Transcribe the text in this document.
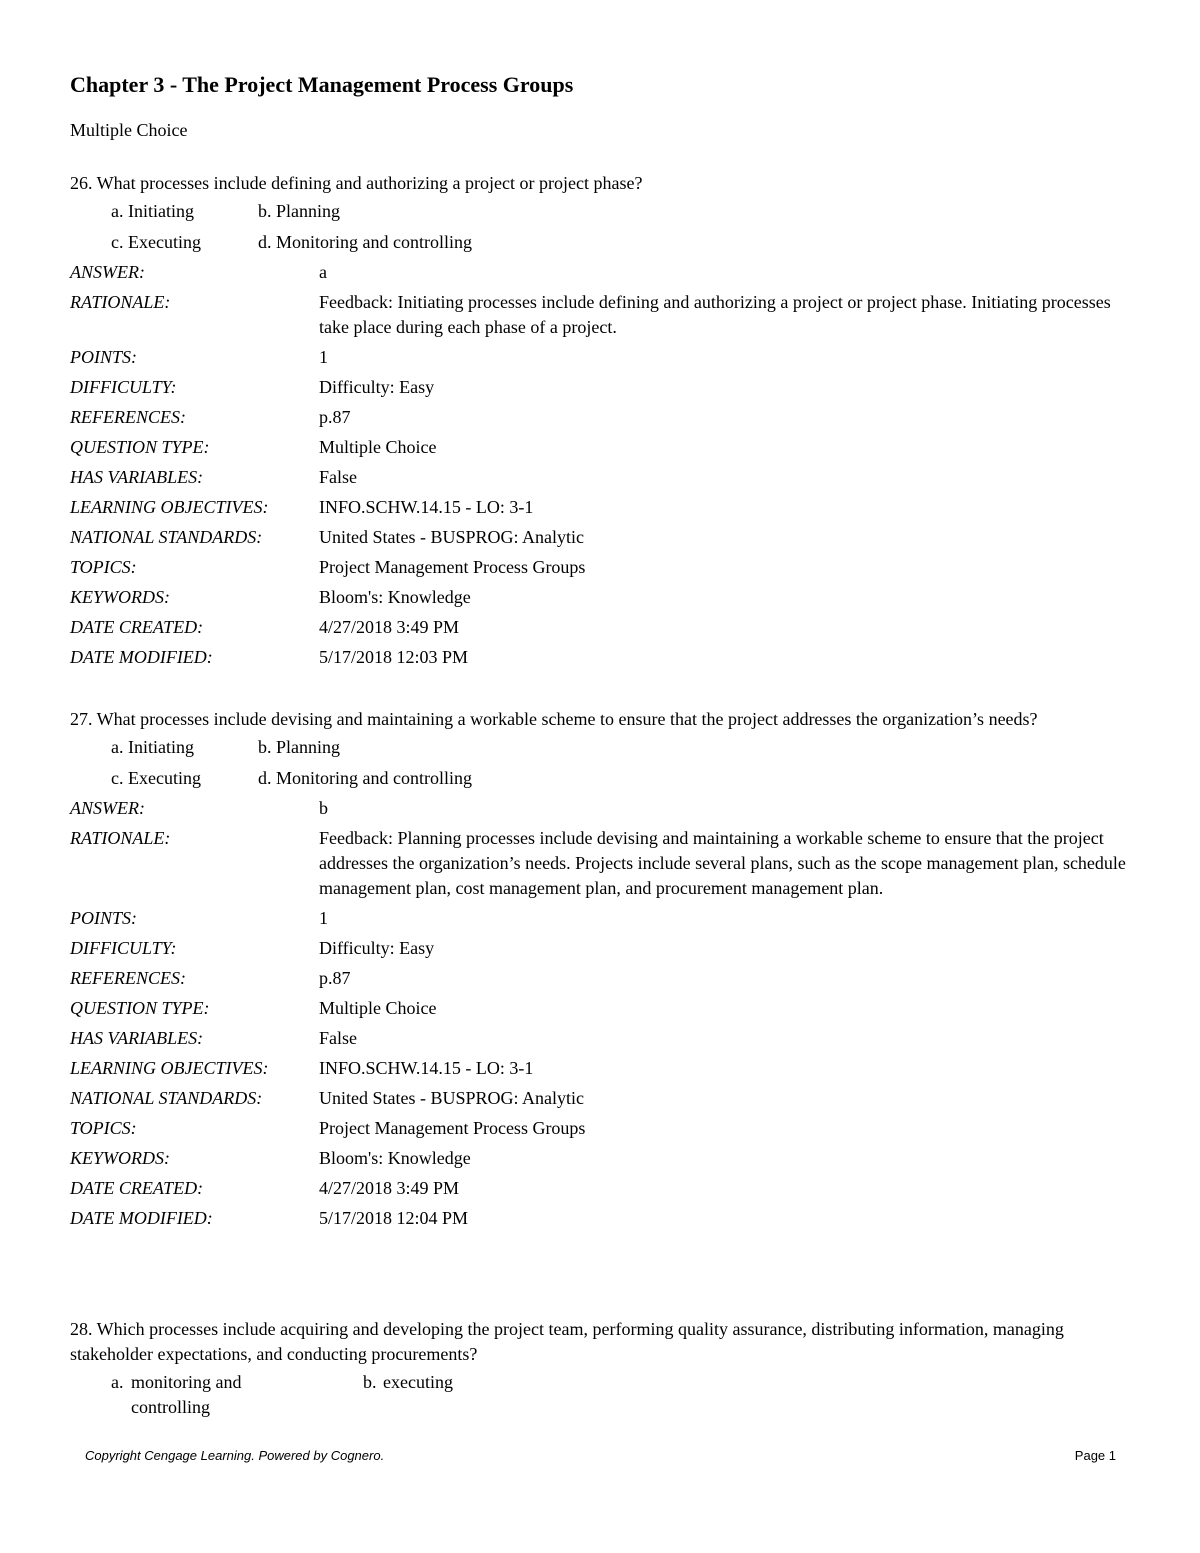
Chapter 3 - The Project Management Process Groups
Multiple Choice

26. What processes include defining and authorizing a project or project phase?

a. Initiating	b. Planning
c. Executing	d. Monitoring and controlling
ANSWER:	a
RATIONALE:	Feedback: Initiating processes include defining and authorizing a project or project phase. Initiating processes take place during each phase of a project.
POINTS:	1
DIFFICULTY:	Difficulty: Easy
REFERENCES:	p.87
QUESTION TYPE:	Multiple Choice
HAS VARIABLES:	False
LEARNING OBJECTIVES:	INFO.SCHW.14.15 - LO: 3-1
NATIONAL STANDARDS:	United States - BUSPROG: Analytic
TOPICS:	Project Management Process Groups
KEYWORDS:	Bloom's: Knowledge
DATE CREATED:	4/27/2018 3:49 PM
DATE MODIFIED:	5/17/2018 12:03 PM

27. What processes include devising and maintaining a workable scheme to ensure that the project addresses the organization’s needs?

a. Initiating	b. Planning
c. Executing	d. Monitoring and controlling
ANSWER:	b
RATIONALE:	Feedback: Planning processes include devising and maintaining a workable scheme to ensure that the project addresses the organization’s needs. Projects include several plans, such as the scope management plan, schedule management plan, cost management plan, and procurement management plan.
POINTS:	1
DIFFICULTY:	Difficulty: Easy
REFERENCES:	p.87
QUESTION TYPE:	Multiple Choice
HAS VARIABLES:	False
LEARNING OBJECTIVES:	INFO.SCHW.14.15 - LO: 3-1
NATIONAL STANDARDS:	United States - BUSPROG: Analytic
TOPICS:	Project Management Process Groups
KEYWORDS:	Bloom's: Knowledge
DATE CREATED:	4/27/2018 3:49 PM
DATE MODIFIED:	5/17/2018 12:04 PM

28. Which processes include acquiring and developing the project team, performing quality assurance, distributing information, managing stakeholder expectations, and conducting procurements?

a. monitoring and controlling
b. executing
Copyright Cengage Learning. Powered by Cognero.	Page 1
